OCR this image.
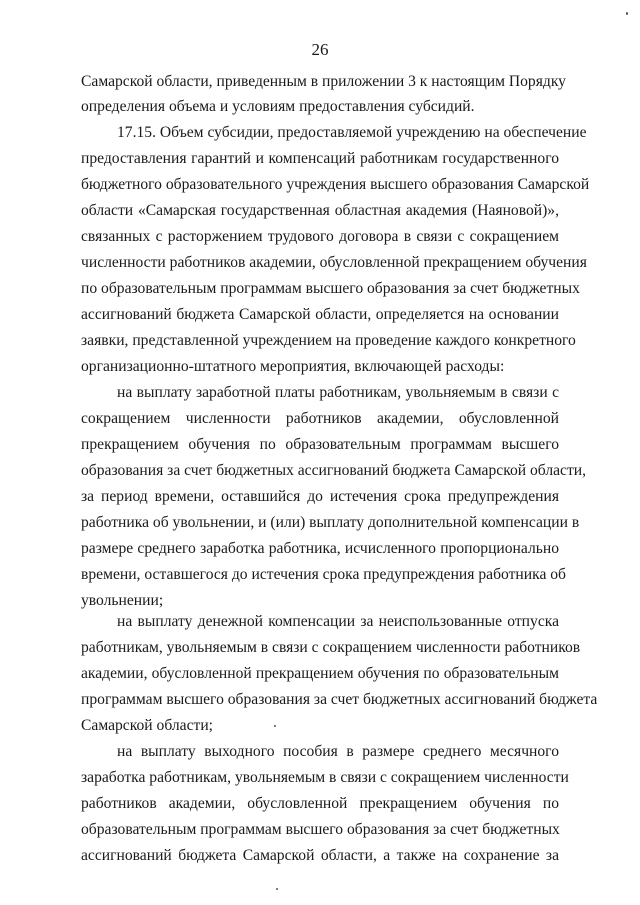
26
Самарской области, приведенным в приложении 3 к настоящим Порядку
определения объема и условиям предоставления субсидий.
17.15. Объем субсидии, предоставляемой учреждению на обеспечение
предоставления гарантий и компенсаций работникам государственного
бюджетного образовательного учреждения высшего образования Самарской
области «Самарская государственная областная академия (Наяновой)»,
связанных с расторжением трудового договора в связи с сокращением
численности работников академии, обусловленной прекращением обучения
по образовательным программам высшего образования за счет бюджетных
ассигнований бюджета Самарской области, определяется на основании
заявки, представленной учреждением на проведение каждого конкретного
организационно-штатного мероприятия, включающей расходы:
на выплату заработной платы работникам, увольняемым в связи с
сокращением численности работников академии, обусловленной
прекращением обучения по образовательным программам высшего
образования за счет бюджетных ассигнований бюджета Самарской области,
за период времени, оставшийся до истечения срока предупреждения
работника об увольнении, и (или) выплату дополнительной компенсации в
размере среднего заработка работника, исчисленного пропорционально
времени, оставшегося до истечения срока предупреждения работника об
увольнении;
на выплату денежной компенсации за неиспользованные отпуска
работникам, увольняемым в связи с сокращением численности работников
академии, обусловленной прекращением обучения по образовательным
программам высшего образования за счет бюджетных ассигнований бюджета
Самарской области;
на выплату выходного пособия в размере среднего месячного
заработка работникам, увольняемым в связи с сокращением численности
работников академии, обусловленной прекращением обучения по
образовательным программам высшего образования за счет бюджетных
ассигнований бюджета Самарской области, а также на сохранение за
